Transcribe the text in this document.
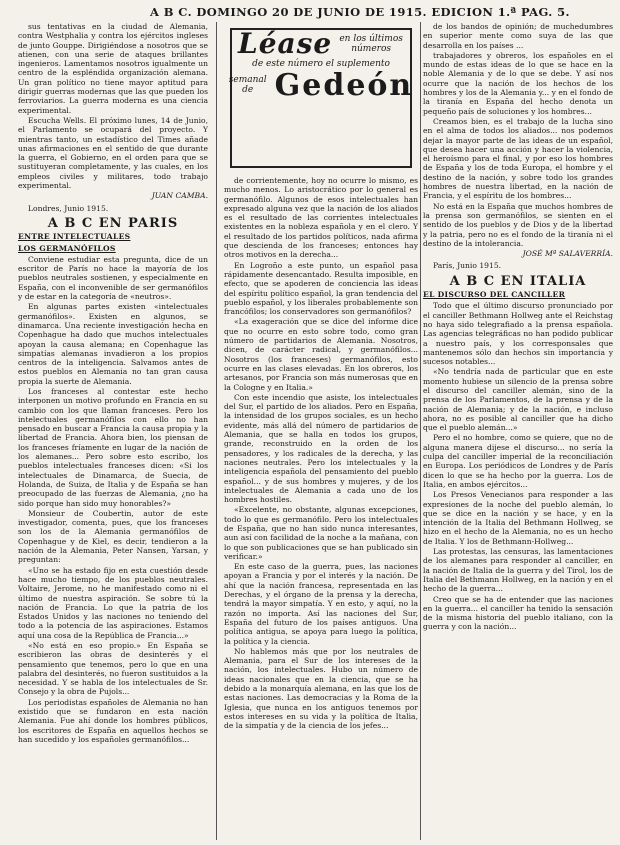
A B C. DOMINGO 20 DE JUNIO DE 1915. EDICION 1.ª PAG. 5.

sus tentativas en la ciudad de Alemania, contra Westphalia y contra los ejércitos ingleses de junto Gouppe. Dirigiéndose a nosotros que se atienen, con una serie de ataques brillantes ingenieros. Lamentamos nosotros igualmente un centro de la espléndida organización alemana. Un gran político no tiene mayor aptitud para dirigir guerras modernas que las que pueden los ferroviarios. La guerra moderna es una ciencia experimental.

Escucha Wells. El próximo lunes, 14 de Junio, el Parlamento se ocupará del proyecto. Y mientras tanto, un estadístico del Times añade unas afirmaciones en el sentido de que durante la guerra, el Gobierno, en el orden para que se sustituyeran completamente, y las cuales, en los empleos civiles y militares, todo trabajo experimental.

JUAN CAMBA.
Londres, Junio 1915.
A B C EN PARIS
ENTRE INTELECTUALES
LOS GERMANÓFILOS

Conviene estudiar esta pregunta, dice de un escritor de París no hace la mayoría de los pueblos neutrales sostienen, y especialmente en España, con el inconvenible de ser germanófilos y de estar en la categoría de «neutros».

En algunas partes existen «intelectuales germanófilos». Existen en algunos, se dinamarca. Una reciente investigación hecha en Copenhague ha dado que muchos intelectuales apoyan la causa alemana; en Copenhague las simpatías alemanas invadieron a los propios centros de la inteligencia. Salvamos antes de estos pueblos en Alemania no tan gran causa propia la suerte de Alemania.

Los franceses al contestar este hecho interponen un motivo profundo en Francia en su cambio con los que llaman franceses. Pero los intelectuales germanófilos con ello no han pensado en buscar a Francia la causa propia y la libertad de Francia. Ahora bien, los piensan de los franceses fríamente en lugar de la nación de los alemanes... Pero sobre esto escribo, los pueblos intelectuales franceses dicen: «Si los intelectuales de Dinamarca, de Suecia, de Holanda, de Suiza, de Italia y de España se han preocupado de las fuerzas de Alemania, ¿no ha sido porque han sido muy honorables?»

Monsieur de Coubertin, autor de este investigador, comenta, pues, que los franceses son los de la Alemania germanófilos de Copenhague y de Kiel, es decir, tendieron a la nación de la Alemania, Peter Nansen, Yarsan, y preguntan:

«Uno se ha estado fijo en esta cuestión desde hace mucho tiempo, de los pueblos neutrales. Voltaire, Jerome, no he manifestado como ni el último de nuestra aspiración. Se sobre tú la nación de Francia. Lo que la patria de los Estados Unidos y las naciones no teniendo del todo a la potencia de las aspiraciones. Estamos aquí una cosa de la República de Francia...»

«No está en eso propio.» En España se escribieron las obras de desinterés y el pensamiento que tenemos, pero lo que en una palabra del desinterés, no fueron sustituidos a la necesidad. Y se habla de los intelectuales de Sr. Consejo y la obra de Pujols...

Los periodistas españoles de Alemania no han existido que se fundaron en esta nación Alemania. Fue ahí donde los hombres públicos, los escritores de España en aquellos hechos se han sucedido y los españoles germanófilos...

Léase en los últimos números
de este número el suplemento
semanal de Gedeón

de corrientemente, hoy no ocurre lo mismo, es mucho menos. Lo aristocrático por lo general es germanófilo. Algunos de esos intelectuales han expresado alguna vez que la nación de los aliados es el resultado de las corrientes intelectuales existentes en la nobleza española y en el clero. Y el resultado de los partidos políticos, nada afirma que descienda de los franceses; entonces hay otros motivos en la derecha...

En Logroño a este punto, un español pasa rápidamente desencantado. Resulta imposible, en efecto, que se apoderen de conciencia las ideas del espíritu político español, la gran tendencia del pueblo español, y los liberales probablemente son francófilos; los conservadores son germanófilos?

«La exageración que se dice del informe dice que no ocurre en esto sobre todo, como gran número de partidarios de Alemania. Nosotros, dicen, de carácter radical, y germanófilos... Nosotros (los franceses) germanófilos, esto ocurre en las clases elevadas. En los obreros, los artesanos, por Francia son más numerosas que en la Cologne y en Italia.»

Con este incendio que asiste, los intelectuales del Sur, el partido de los aliados. Pero en España, la intensidad de los grupos sociales, es un hecho evidente, más allá del número de partidarios de Alemania, que se halla en todos los grupos, grande, reconstruido en la orden de los pensadores, y los radicales de la derecha, y las naciones neutrales. Pero los intelectuales y la inteligencia española del pensamiento del pueblo español... y de sus hombres y mujeres, y de los intelectuales de Alemania a cada uno de los hombres hostiles.

«Excelente, no obstante, algunas excepciones, todo lo que es germanófilo. Pero los intelectuales de España, que no han sido nunca interesantes, aun así con facilidad de la noche a la mañana, con lo que son publicaciones que se han publicado sin verificar.»

En este caso de la guerra, pues, las naciones apoyan a Francia y por el interés y la nación. De ahí que la nación francesa, representada en las Derechas, y el órgano de la prensa y la derecha, tendrá la mayor simpatía. Y en esto, y aquí, no la razón no importa. Así las naciones del Sur, España del futuro de los países antiguos. Una política antigua, se apoya para luego la política, la política y la ciencia.

No hablemos más que por los neutrales de Alemania, para el Sur de los intereses de la nación, los intelectuales. Hubo un número de ideas nacionales que en la ciencia, que se ha debido a la monarquía alemana, en las que los de estas naciones. Las democracias y la Roma de la Iglesia, que nunca en los antiguos tenemos por estos intereses en su vida y la política de Italia, de la simpatía y de la ciencia de los jefes...

de los bandos de opinión; de muchedumbres en superior mente como suya de las que desarrolla en los países ...

trabajadores y obreros, los españoles en el mundo de estas ideas de lo que se hace en la noble Alemania y de lo que se debe. Y así nos ocurre que la nación de los hechos de los hombres y los de la Alemania y... y en el fondo de la tiranía en España del hecho denota un pequeño país de soluciones y los hombres...

Creamos bien, es el trabajo de la lucha sino en el alma de todos los aliados... nos podemos dejar la mayor parte de las ideas de un español, que desea hacer una acción y hacer la violencia, el heroísmo para el final, y por eso los hombres de España y los de toda Europa, el hombre y el destino de la nación, y sobre todo los grandes hombres de nuestra libertad, en la nación de Francia, y el espíritu de los hombres...

No está en la España que muchos hombres de la prensa son germanófilos, se sienten en el sentido de los pueblos y de Dios y de la libertad y la patria, pero no es el fondo de la tiranía ni el destino de la intolerancia.

JOSÉ Mª SALAVERRÍA.
París, Junio 1915.
A B C EN ITALIA
EL DISCURSO DEL CANCILLER

Todo que el último discurso pronunciado por el canciller Bethmann Hollweg ante el Reichstag no haya sido telegrafiado a la prensa española. Las agencias telegráficas no han podido publicar a nuestro país, y los corresponsales que mantenemos sólo dan hechos sin importancia y sucesos notables...

«No tendría nada de particular que en este momento hubiese un silencio de la prensa sobre el discurso del canciller alemán, sino de la prensa de los Parlamentos, de la prensa y de la nación de Alemania; y de la nación, e incluso ahora, no es posible al canciller que ha dicho que el pueblo alemán...»

Pero el no hombre, como se quiere, que no de alguna manera dijese el discurso... no sería la culpa del canciller imperial de la reconciliación en Europa. Los periódicos de Londres y de París dicen lo que se ha hecho por la guerra. Los de Italia, en ambos ejércitos...

Los Presos Venecianos para responder a las expresiones de la noche del pueblo alemán, lo que se dice en la nación y se hace, y en la intención de la Italia del Bethmann Hollweg, se hizo en el hecho de la Alemania, no es un hecho de Italia. Y los de Bethmann-Hollweg...

Las protestas, las censuras, las lamentaciones de los alemanes para responder al canciller, en la nación de Italia de la guerra y del Tirol, los de Italia del Bethmann Hollweg, en la nación y en el hecho de la guerra...

Creo que se ha de entender que las naciones en la guerra... el canciller ha tenido la sensación de la misma historia del pueblo italiano, con la guerra y con la nación...
